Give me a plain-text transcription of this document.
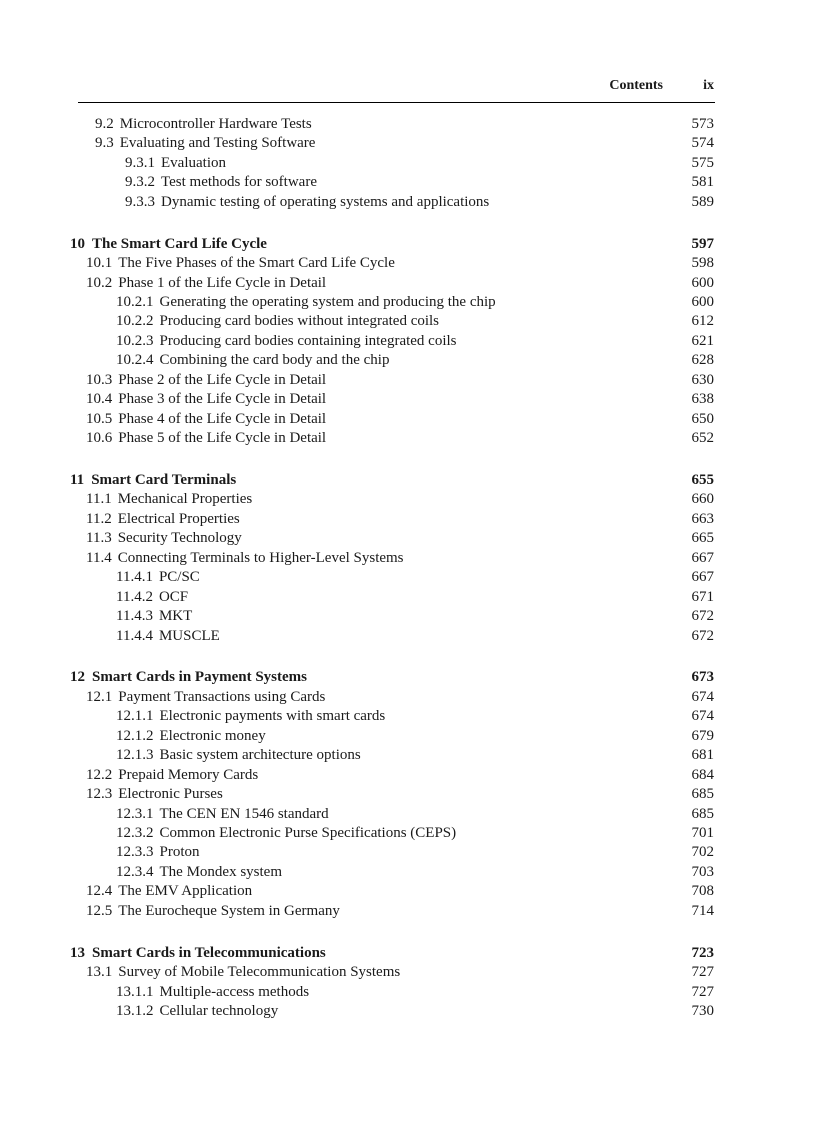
Contents	ix
9.2 Microcontroller Hardware Tests	573
9.3 Evaluating and Testing Software	574
9.3.1 Evaluation	575
9.3.2 Test methods for software	581
9.3.3 Dynamic testing of operating systems and applications	589
10 The Smart Card Life Cycle	597
10.1 The Five Phases of the Smart Card Life Cycle	598
10.2 Phase 1 of the Life Cycle in Detail	600
10.2.1 Generating the operating system and producing the chip	600
10.2.2 Producing card bodies without integrated coils	612
10.2.3 Producing card bodies containing integrated coils	621
10.2.4 Combining the card body and the chip	628
10.3 Phase 2 of the Life Cycle in Detail	630
10.4 Phase 3 of the Life Cycle in Detail	638
10.5 Phase 4 of the Life Cycle in Detail	650
10.6 Phase 5 of the Life Cycle in Detail	652
11 Smart Card Terminals	655
11.1 Mechanical Properties	660
11.2 Electrical Properties	663
11.3 Security Technology	665
11.4 Connecting Terminals to Higher-Level Systems	667
11.4.1 PC/SC	667
11.4.2 OCF	671
11.4.3 MKT	672
11.4.4 MUSCLE	672
12 Smart Cards in Payment Systems	673
12.1 Payment Transactions using Cards	674
12.1.1 Electronic payments with smart cards	674
12.1.2 Electronic money	679
12.1.3 Basic system architecture options	681
12.2 Prepaid Memory Cards	684
12.3 Electronic Purses	685
12.3.1 The CEN EN 1546 standard	685
12.3.2 Common Electronic Purse Specifications (CEPS)	701
12.3.3 Proton	702
12.3.4 The Mondex system	703
12.4 The EMV Application	708
12.5 The Eurocheque System in Germany	714
13 Smart Cards in Telecommunications	723
13.1 Survey of Mobile Telecommunication Systems	727
13.1.1 Multiple-access methods	727
13.1.2 Cellular technology	730
